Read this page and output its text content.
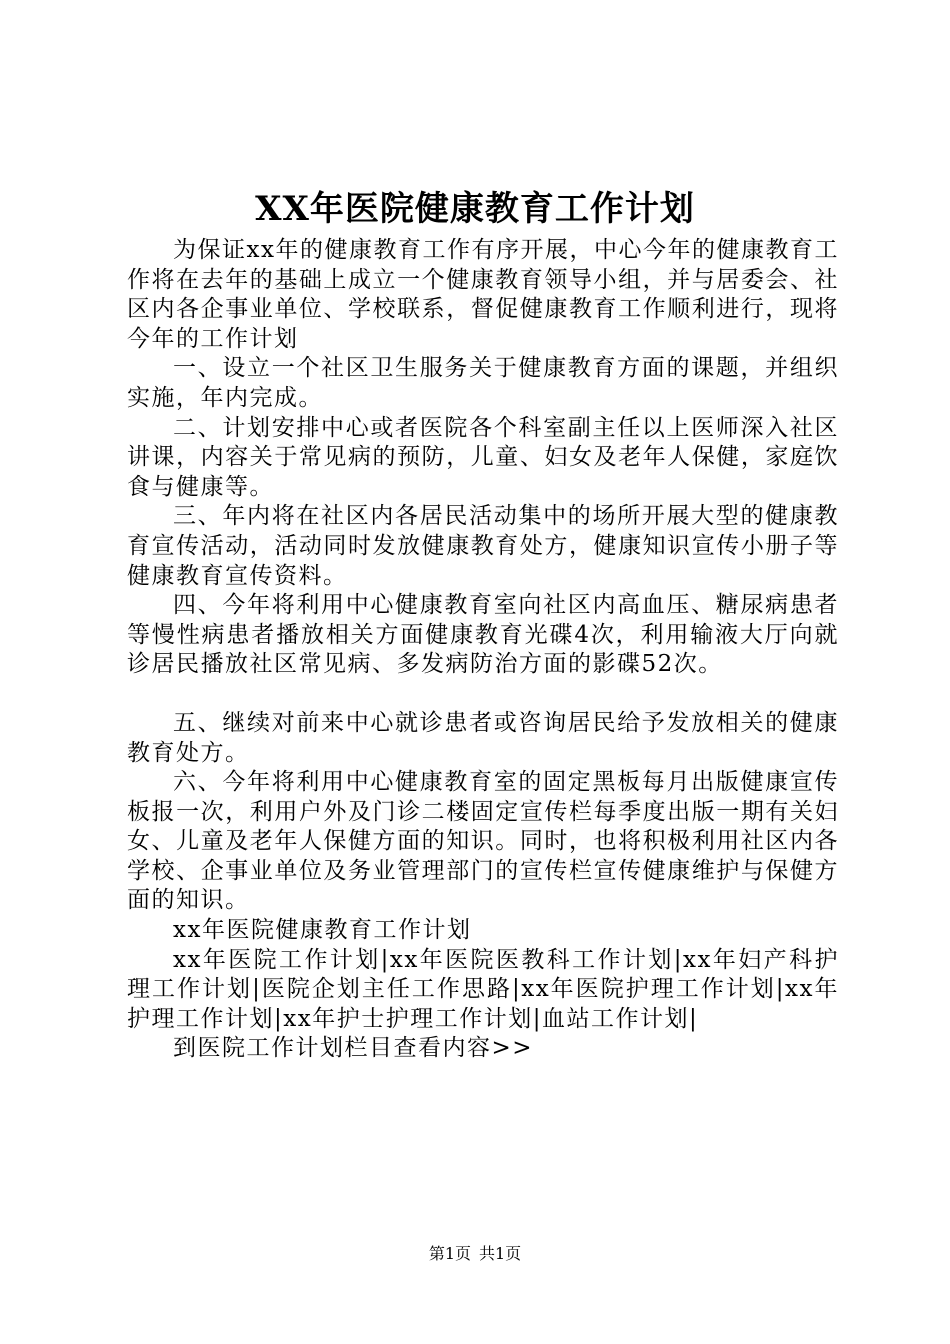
XX年医院健康教育工作计划

为保证xx年的健康教育工作有序开展，中心今年的健康教育工作将在去年的基础上成立一个健康教育领导小组，并与居委会、社区内各企事业单位、学校联系，督促健康教育工作顺利进行，现将今年的工作计划

一、设立一个社区卫生服务关于健康教育方面的课题，并组织实施，年内完成。

二、计划安排中心或者医院各个科室副主任以上医师深入社区讲课，内容关于常见病的预防，儿童、妇女及老年人保健，家庭饮食与健康等。

三、年内将在社区内各居民活动集中的场所开展大型的健康教育宣传活动，活动同时发放健康教育处方，健康知识宣传小册子等健康教育宣传资料。

四、今年将利用中心健康教育室向社区内高血压、糖尿病患者等慢性病患者播放相关方面健康教育光碟4次，利用输液大厅向就诊居民播放社区常见病、多发病防治方面的影碟52次。

五、继续对前来中心就诊患者或咨询居民给予发放相关的健康教育处方。

六、今年将利用中心健康教育室的固定黑板每月出版健康宣传板报一次，利用户外及门诊二楼固定宣传栏每季度出版一期有关妇女、儿童及老年人保健方面的知识。同时，也将积极利用社区内各学校、企事业单位及务业管理部门的宣传栏宣传健康维护与保健方面的知识。

xx年医院健康教育工作计划

xx年医院工作计划|xx年医院医教科工作计划|xx年妇产科护理工作计划|医院企划主任工作思路|xx年医院护理工作计划|xx年护理工作计划|xx年护士护理工作计划|血站工作计划|

到医院工作计划栏目查看内容>>

第1页 共1页
